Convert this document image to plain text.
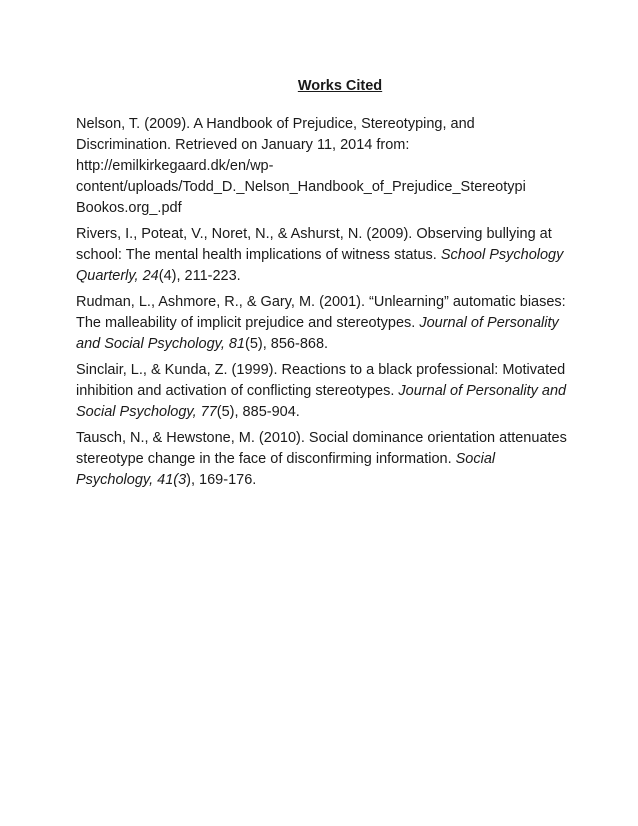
Works Cited
Nelson, T. (2009). A Handbook of Prejudice, Stereotyping, and
Discrimination. Retrieved on January 11, 2014 from:
http://emilkirkegaard.dk/en/wp-
content/uploads/Todd_D._Nelson_Handbook_of_Prejudice_Stereotypi
Bookos.org_.pdf
Rivers, I., Poteat, V., Noret, N., & Ashurst, N. (2009). Observing bullying at school: The mental health implications of witness status. School Psychology Quarterly, 24(4), 211-223.
Rudman, L., Ashmore, R., & Gary, M. (2001). “Unlearning” automatic biases: The malleability of implicit prejudice and stereotypes. Journal of Personality and Social Psychology, 81(5), 856-868.
Sinclair, L., & Kunda, Z. (1999). Reactions to a black professional: Motivated inhibition and activation of conflicting stereotypes. Journal of Personality and Social Psychology, 77(5), 885-904.
Tausch, N., & Hewstone, M. (2010). Social dominance orientation attenuates stereotype change in the face of disconfirming information. Social Psychology, 41(3), 169-176.
